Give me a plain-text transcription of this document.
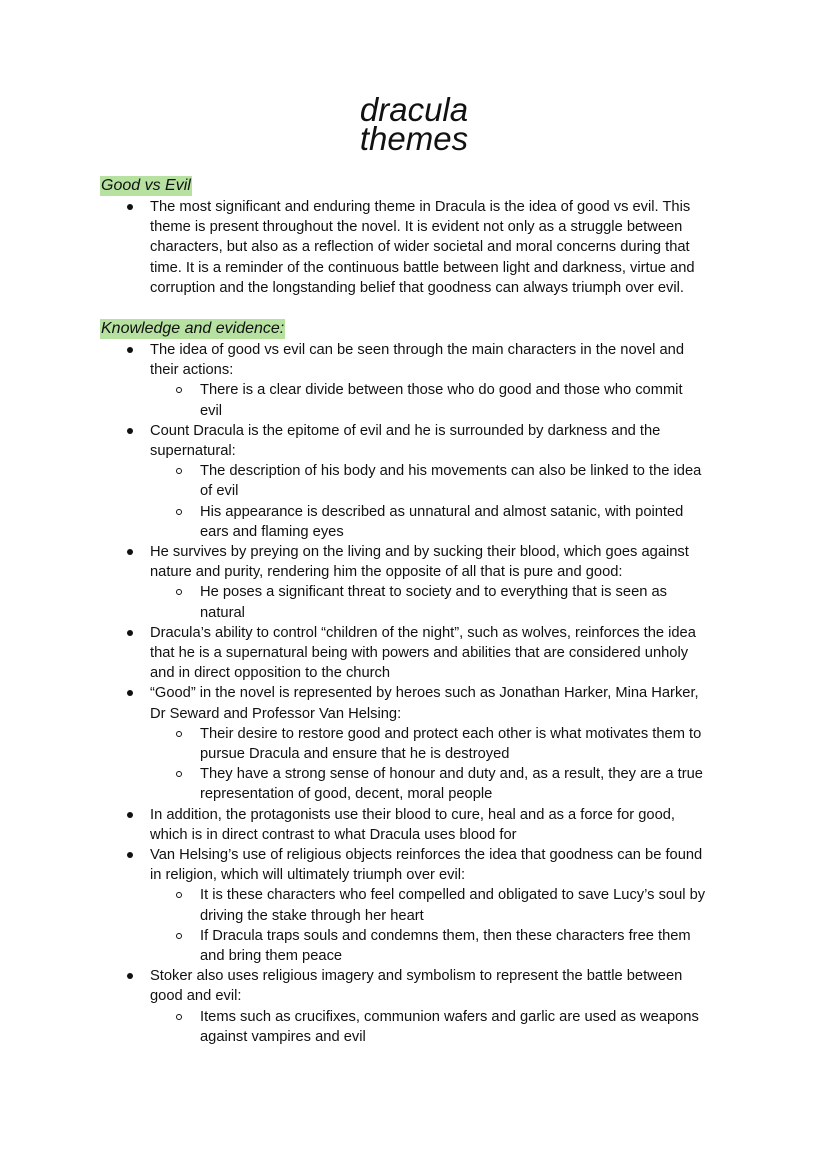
dracula
themes
Good vs Evil
Knowledge and evidence:
The most significant and enduring theme in Dracula is the idea of good vs evil. This
theme is present throughout the novel. It is evident not only as a struggle between
characters, but also as a reflection of wider societal and moral concerns during that
time. It is a reminder of the continuous battle between light and darkness, virtue and
corruption and the longstanding belief that goodness can always triumph over evil.
The idea of good vs evil can be seen through the main characters in the novel and
their actions:
There is a clear divide between those who do good and those who commit
evil
Count Dracula is the epitome of evil and he is surrounded by darkness and the
supernatural:
The description of his body and his movements can also be linked to the idea
of evil
His appearance is described as unnatural and almost satanic, with pointed
ears and flaming eyes
He survives by preying on the living and by sucking their blood, which goes against
nature and purity, rendering him the opposite of all that is pure and good:
He poses a significant threat to society and to everything that is seen as
natural
Dracula’s ability to control “children of the night”, such as wolves, reinforces the idea
that he is a supernatural being with powers and abilities that are considered unholy
and in direct opposition to the church
“Good” in the novel is represented by heroes such as Jonathan Harker, Mina Harker,
Dr Seward and Professor Van Helsing:
Their desire to restore good and protect each other is what motivates them to
pursue Dracula and ensure that he is destroyed
They have a strong sense of honour and duty and, as a result, they are a true
representation of good, decent, moral people
In addition, the protagonists use their blood to cure, heal and as a force for good,
which is in direct contrast to what Dracula uses blood for
Van Helsing’s use of religious objects reinforces the idea that goodness can be found
in religion, which will ultimately triumph over evil:
It is these characters who feel compelled and obligated to save Lucy’s soul by
driving the stake through her heart
If Dracula traps souls and condemns them, then these characters free them
and bring them peace
Stoker also uses religious imagery and symbolism to represent the battle between
good and evil:
Items such as crucifixes, communion wafers and garlic are used as weapons
against vampires and evil
